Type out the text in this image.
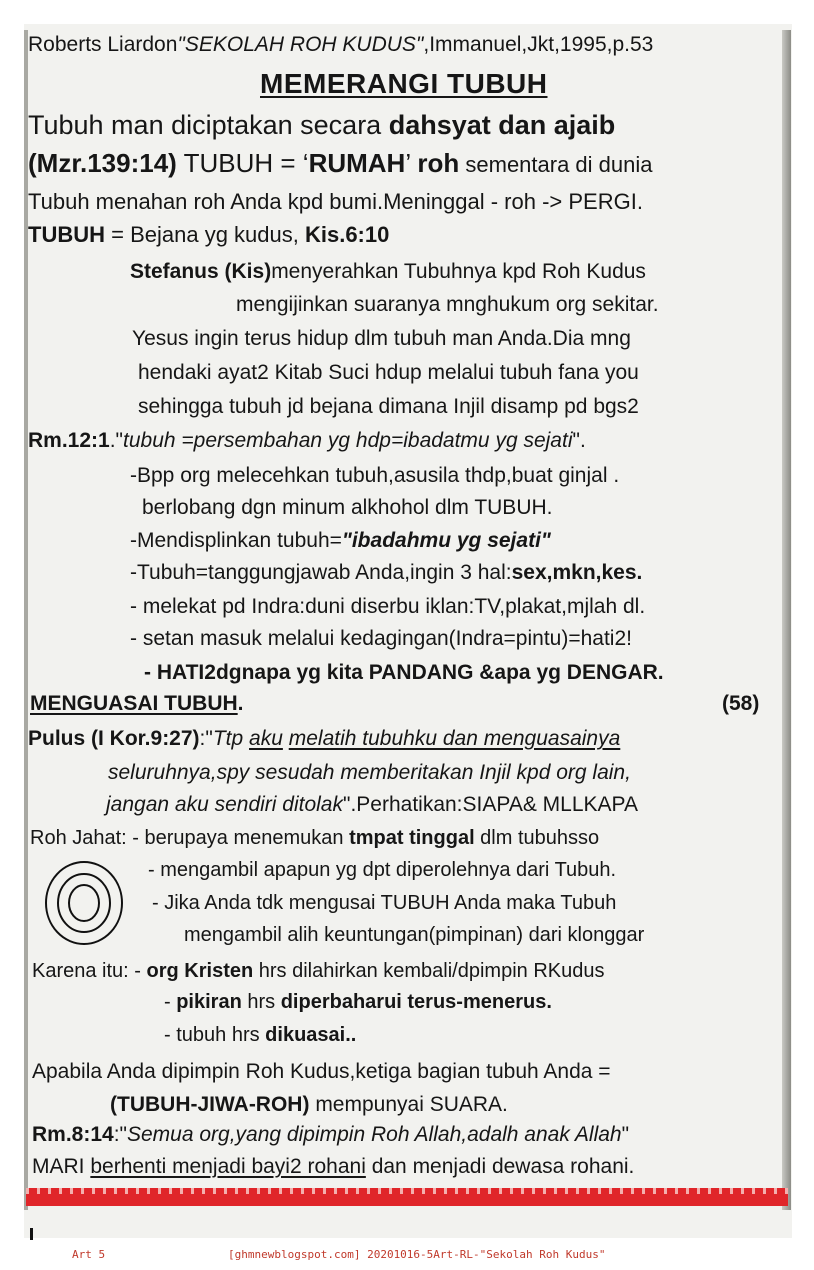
Roberts Liardon"SEKOLAH ROH KUDUS",Immanuel,Jkt,1995,p.53
MEMERANGI TUBUH
Tubuh man diciptakan secara dahsyat dan ajaib
(Mzr.139:14) TUBUH = ‘RUMAH’ roh sementara di dunia
Tubuh menahan roh Anda kpd bumi.Meninggal - roh -> PERGI.
TUBUH = Bejana yg kudus, Kis.6:10
Stefanus (Kis)menyerahkan Tubuhnya kpd Roh Kudus
mengijinkan suaranya mnghukum org sekitar.
Yesus ingin terus hidup dlm tubuh man Anda.Dia mng
hendaki ayat2 Kitab Suci hdup melalui tubuh fana you
sehingga tubuh jd bejana dimana Injil disamp pd bgs2
Rm.12:1."tubuh =persembahan yg hdp=ibadatmu yg sejati".
-Bpp org melecehkan tubuh,asusila thdp,buat ginjal .
berlobang dgn minum alkhohol dlm TUBUH.
-Mendisplinkan tubuh="ibadahmu yg sejati"
-Tubuh=tanggungjawab Anda,ingin 3 hal:sex,mkn,kes.
- melekat pd Indra:duni diserbu iklan:TV,plakat,mjlah dl.
- setan masuk melalui kedagingan(Indra=pintu)=hati2!
- HATI2dgnapa yg kita PANDANG &apa yg DENGAR.
MENGUASAI TUBUH.	(58)
Pulus (I Kor.9:27):"Ttp aku melatih tubuhku dan menguasainya
seluruhnya,spy sesudah memberitakan Injil kpd org lain,
jangan aku sendiri ditolak".Perhatikan:SIAPA& MLLKAPA
Roh Jahat: - berupaya menemukan tmpat tinggal dlm tubuhsso
- mengambil apapun yg dpt diperolehnya dari Tubuh.
- Jika Anda tdk mengusai TUBUH Anda maka Tubuh
mengambil alih keuntungan(pimpinan) dari klonggar
Karena itu: - org Kristen hrs dilahirkan kembali/dpimpin RKudus
- pikiran hrs diperbaharui terus-menerus.
- tubuh hrs dikuasai..
Apabila Anda dipimpin Roh Kudus,ketiga bagian tubuh Anda =
(TUBUH-JIWA-ROH) mempunyai SUARA.
Rm.8:14:"Semua org,yang dipimpin Roh Allah,adalh anak Allah"
MARI berhenti menjadi bayi2 rohani dan menjadi dewasa rohani.
Art 5	[ghmnewblogspot.com] 20201016-5Art-RL-"Sekolah Roh Kudus"
